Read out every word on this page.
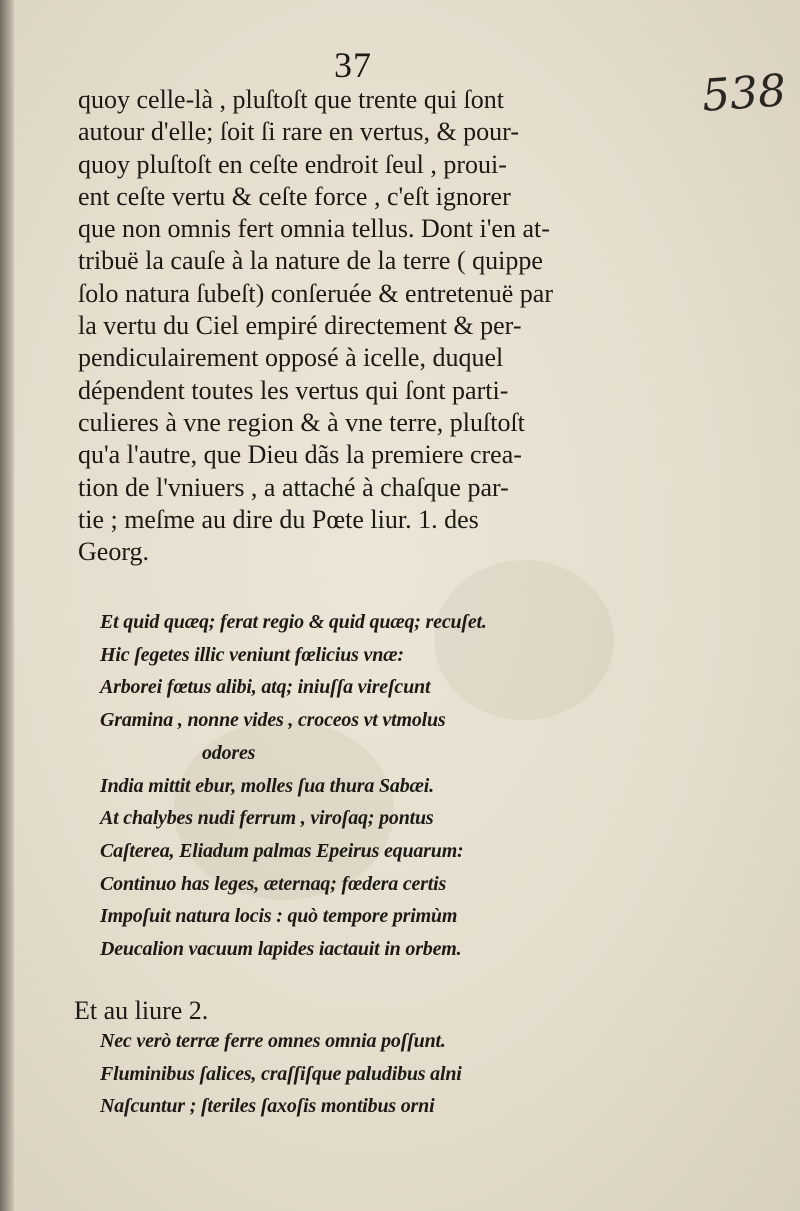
37
538
quoy celle-là , pluſtoſt que trente qui ſont
autour d'elle; ſoit ſi rare en vertus, & pour-
quoy pluſtoſt en ceſte endroit ſeul , proui-
ent ceſte vertu & ceſte force , c'eſt ignorer
que non omnis fert omnia tellus. Dont i'en at-
tribuë la cauſe à la nature de la terre ( quippe
ſolo natura ſubeſt) conſeruée & entretenuë par
la vertu du Ciel empiré directement & per-
pendiculairement opposé à icelle, duquel
dépendent toutes les vertus qui ſont parti-
culieres à vne region & à vne terre, pluſtoſt
qu'a l'autre, que Dieu dãs la premiere crea-
tion de l'vniuers , a attaché à chaſque par-
tie ; meſme au dire du Pœte liur. 1. des
Georg.
Et quid quæq; ferat regio & quid quæq; recuſet.
Hic ſegetes illic veniunt fœlicius vnæ:
Arborei fœtus alibi, atq; iniuſſa vireſcunt
Gramina , nonne vides , croceos vt vtmolus
odores
India mittit ebur, molles ſua thura Sabæi.
At chalybes nudi ferrum , viroſaq; pontus
Caſterea, Eliadum palmas Epeirus equarum:
Continuo has leges, æternaq; fœdera certis
Impoſuit natura locis : quò tempore primùm
Deucalion vacuum lapides iactauit in orbem.
Et au liure 2.
Nec verò terræ ferre omnes omnia poſſunt.
Fluminibus ſalices, craſſiſque paludibus alni
Naſcuntur ; ſteriles ſaxoſis montibus orni
